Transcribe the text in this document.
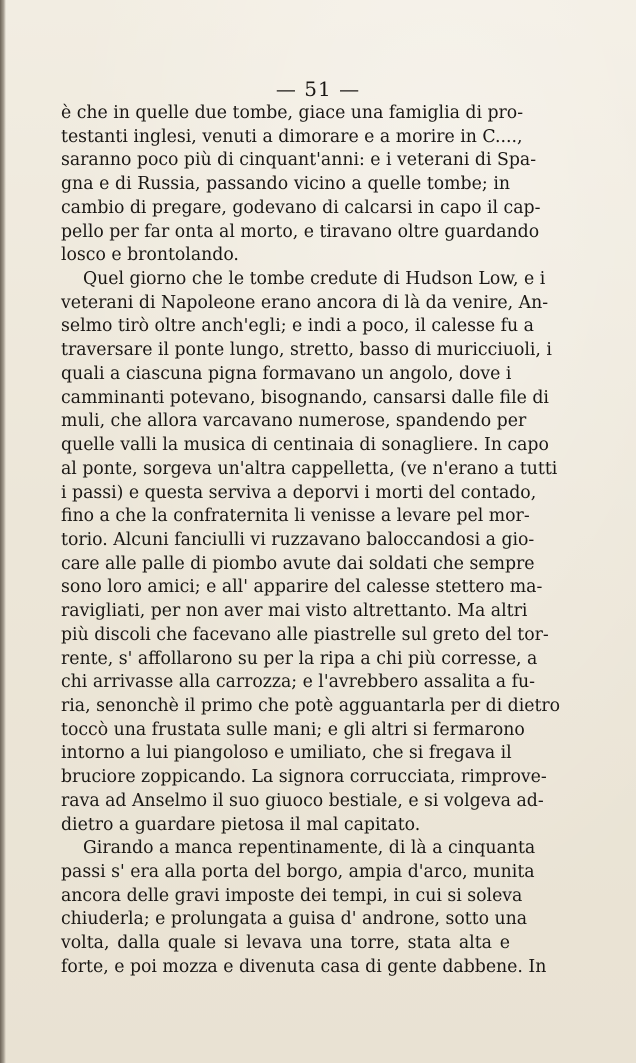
— 51 —
è che in quelle due tombe, giace una famiglia di pro-
testanti inglesi, venuti a dimorare e a morire in C....,
saranno poco più di cinquant'anni: e i veterani di Spa-
gna e di Russia, passando vicino a quelle tombe; in
cambio di pregare, godevano di calcarsi in capo il cap-
pello per far onta al morto, e tiravano oltre guardando
losco e brontolando.
Quel giorno che le tombe credute di Hudson Low, e i
veterani di Napoleone erano ancora di là da venire, An-
selmo tirò oltre anch'egli; e indi a poco, il calesse fu a
traversare il ponte lungo, stretto, basso di muricciuoli, i
quali a ciascuna pigna formavano un angolo, dove i
camminanti potevano, bisognando, cansarsi dalle file di
muli, che allora varcavano numerose, spandendo per
quelle valli la musica di centinaia di sonagliere. In capo
al ponte, sorgeva un'altra cappelletta, (ve n'erano a tutti
i passi) e questa serviva a deporvi i morti del contado,
fino a che la confraternita li venisse a levare pel mor-
torio. Alcuni fanciulli vi ruzzavano baloccandosi a gio-
care alle palle di piombo avute dai soldati che sempre
sono loro amici; e all' apparire del calesse stettero ma-
ravigliati, per non aver mai visto altrettanto. Ma altri
più discoli che facevano alle piastrelle sul greto del tor-
rente, s' affollarono su per la ripa a chi più corresse, a
chi arrivasse alla carrozza; e l'avrebbero assalita a fu-
ria, senonchè il primo che potè agguantarla per di dietro
toccò una frustata sulle mani; e gli altri si fermarono
intorno a lui piangoloso e umiliato, che si fregava il
bruciore zoppicando. La signora corrucciata, rimprove-
rava ad Anselmo il suo giuoco bestiale, e si volgeva ad-
dietro a guardare pietosa il mal capitato.
Girando a manca repentinamente, di là a cinquanta
passi s' era alla porta del borgo, ampia d'arco, munita
ancora delle gravi imposte dei tempi, in cui si soleva
chiuderla; e prolungata a guisa d' androne, sotto una
volta, dalla quale si levava una torre, stata alta e
forte, e poi mozza e divenuta casa di gente dabbene. In
